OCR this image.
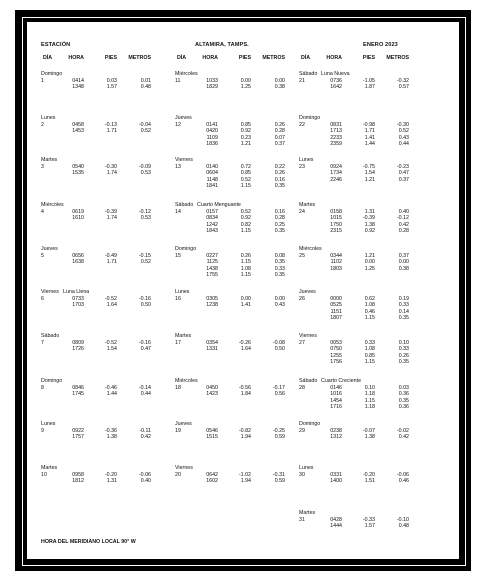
ESTACIÓN	ALTAMIRA, TAMPS.	ENERO 2023
DÍA	HORA	PIES METROS	DÍA	HORA	PIES METROS	DÍA	HORA	PIES METROS
Domingo
1	0414	0.03	0.01
1348	1.57	0.48
Lunes
2	0458	-0.13	-0.04
1453	1.71	0.52
Martes
3	0540	-0.30	-0.09
1535	1.74	0.53
Miércoles
4	0619	-0.39	-0.12
1610	1.74	0.53
Jueves
5	0656	-0.49	-0.15
1638	1.71	0.52
Viernes
6
Luna Llena
0733	-0.52	-0.16
1703	1.64	0.50
Sábado
7	0809	-0.52	-0.16
1726	1.54	0.47
Domingo
8	0846	-0.46	-0.14
1745	1.44	0.44
Lunes
9	0922	-0.36	-0.11
1757	1.38	0.42
Martes
10	0958	-0.20	-0.06
1812	1.31	0.40
Miércoles
11	1033	0.00	0.00
1829	1.25	0.38
Jueves
12	0141	0.85	0.26
0420	0.92	0.28
1109	0.23	0.07
1836	1.21	0.37
Viernes
13	0140	0.72	0.22
0604	0.85	0.26
1148	0.52	0.16
1841	1.15	0.35
Sábado
14
Cuarto Menguante
0157	0.52	0.16
0834	0.92	0.28
1242	0.82	0.25
1843	1.15	0.35
Domingo
15	0227	0.26	0.08
1125	1.15	0.35
1438	1.08	0.33
1755	1.15	0.35
Lunes
16	0305	0.00	0.00
1238	1.41	0.43
Martes
17	0354	-0.26	-0.08
1331	1.64	0.50
Miércoles
18	0450	-0.56	-0.17
1423	1.84	0.56
Jueves
19	0546	-0.82	-0.25
1515	1.94	0.59
Viernes
20	0642	-1.02	-0.31
1602	1.94	0.59
Sábado
21
Luna Nueva
0736	-1.05	-0.32
1642	1.87	0.57
Domingo
22	0831	-0.98	-0.30
1713	1.71	0.52
2233	1.41	0.43
2359	1.44	0.44
Lunes
23	0924	-0.75	-0.23
1734	1.54	0.47
2246	1.21	0.37
Martes
24	0158	1.31	0.40
1015	-0.39	-0.12
1750	1.38	0.42
2315	0.92	0.28
Miércoles
25	0344	1.21	0.37
1102	0.00	0.00
1803	1.25	0.38
Jueves
26	0000	0.62	0.19
0525	1.08	0.33
1151	0.46	0.14
1807	1.15	0.35
Viernes
27	0053	0.33	0.10
0750	1.08	0.33
1255	0.85	0.26
1756	1.15	0.35
Sábado
28
Cuarto Creciente
0146	0.10	0.03
1016	1.18	0.36
1454	1.15	0.35
1716	1.18	0.36
Domingo
29	0238	-0.07	-0.02
1312	1.38	0.42
Lunes
30	0331	-0.20	-0.06
1400	1.51	0.46
Martes
31	0428	-0.33	-0.10
1444	1.57	0.48
HORA DEL MERIDIANO LOCAL 90° W
